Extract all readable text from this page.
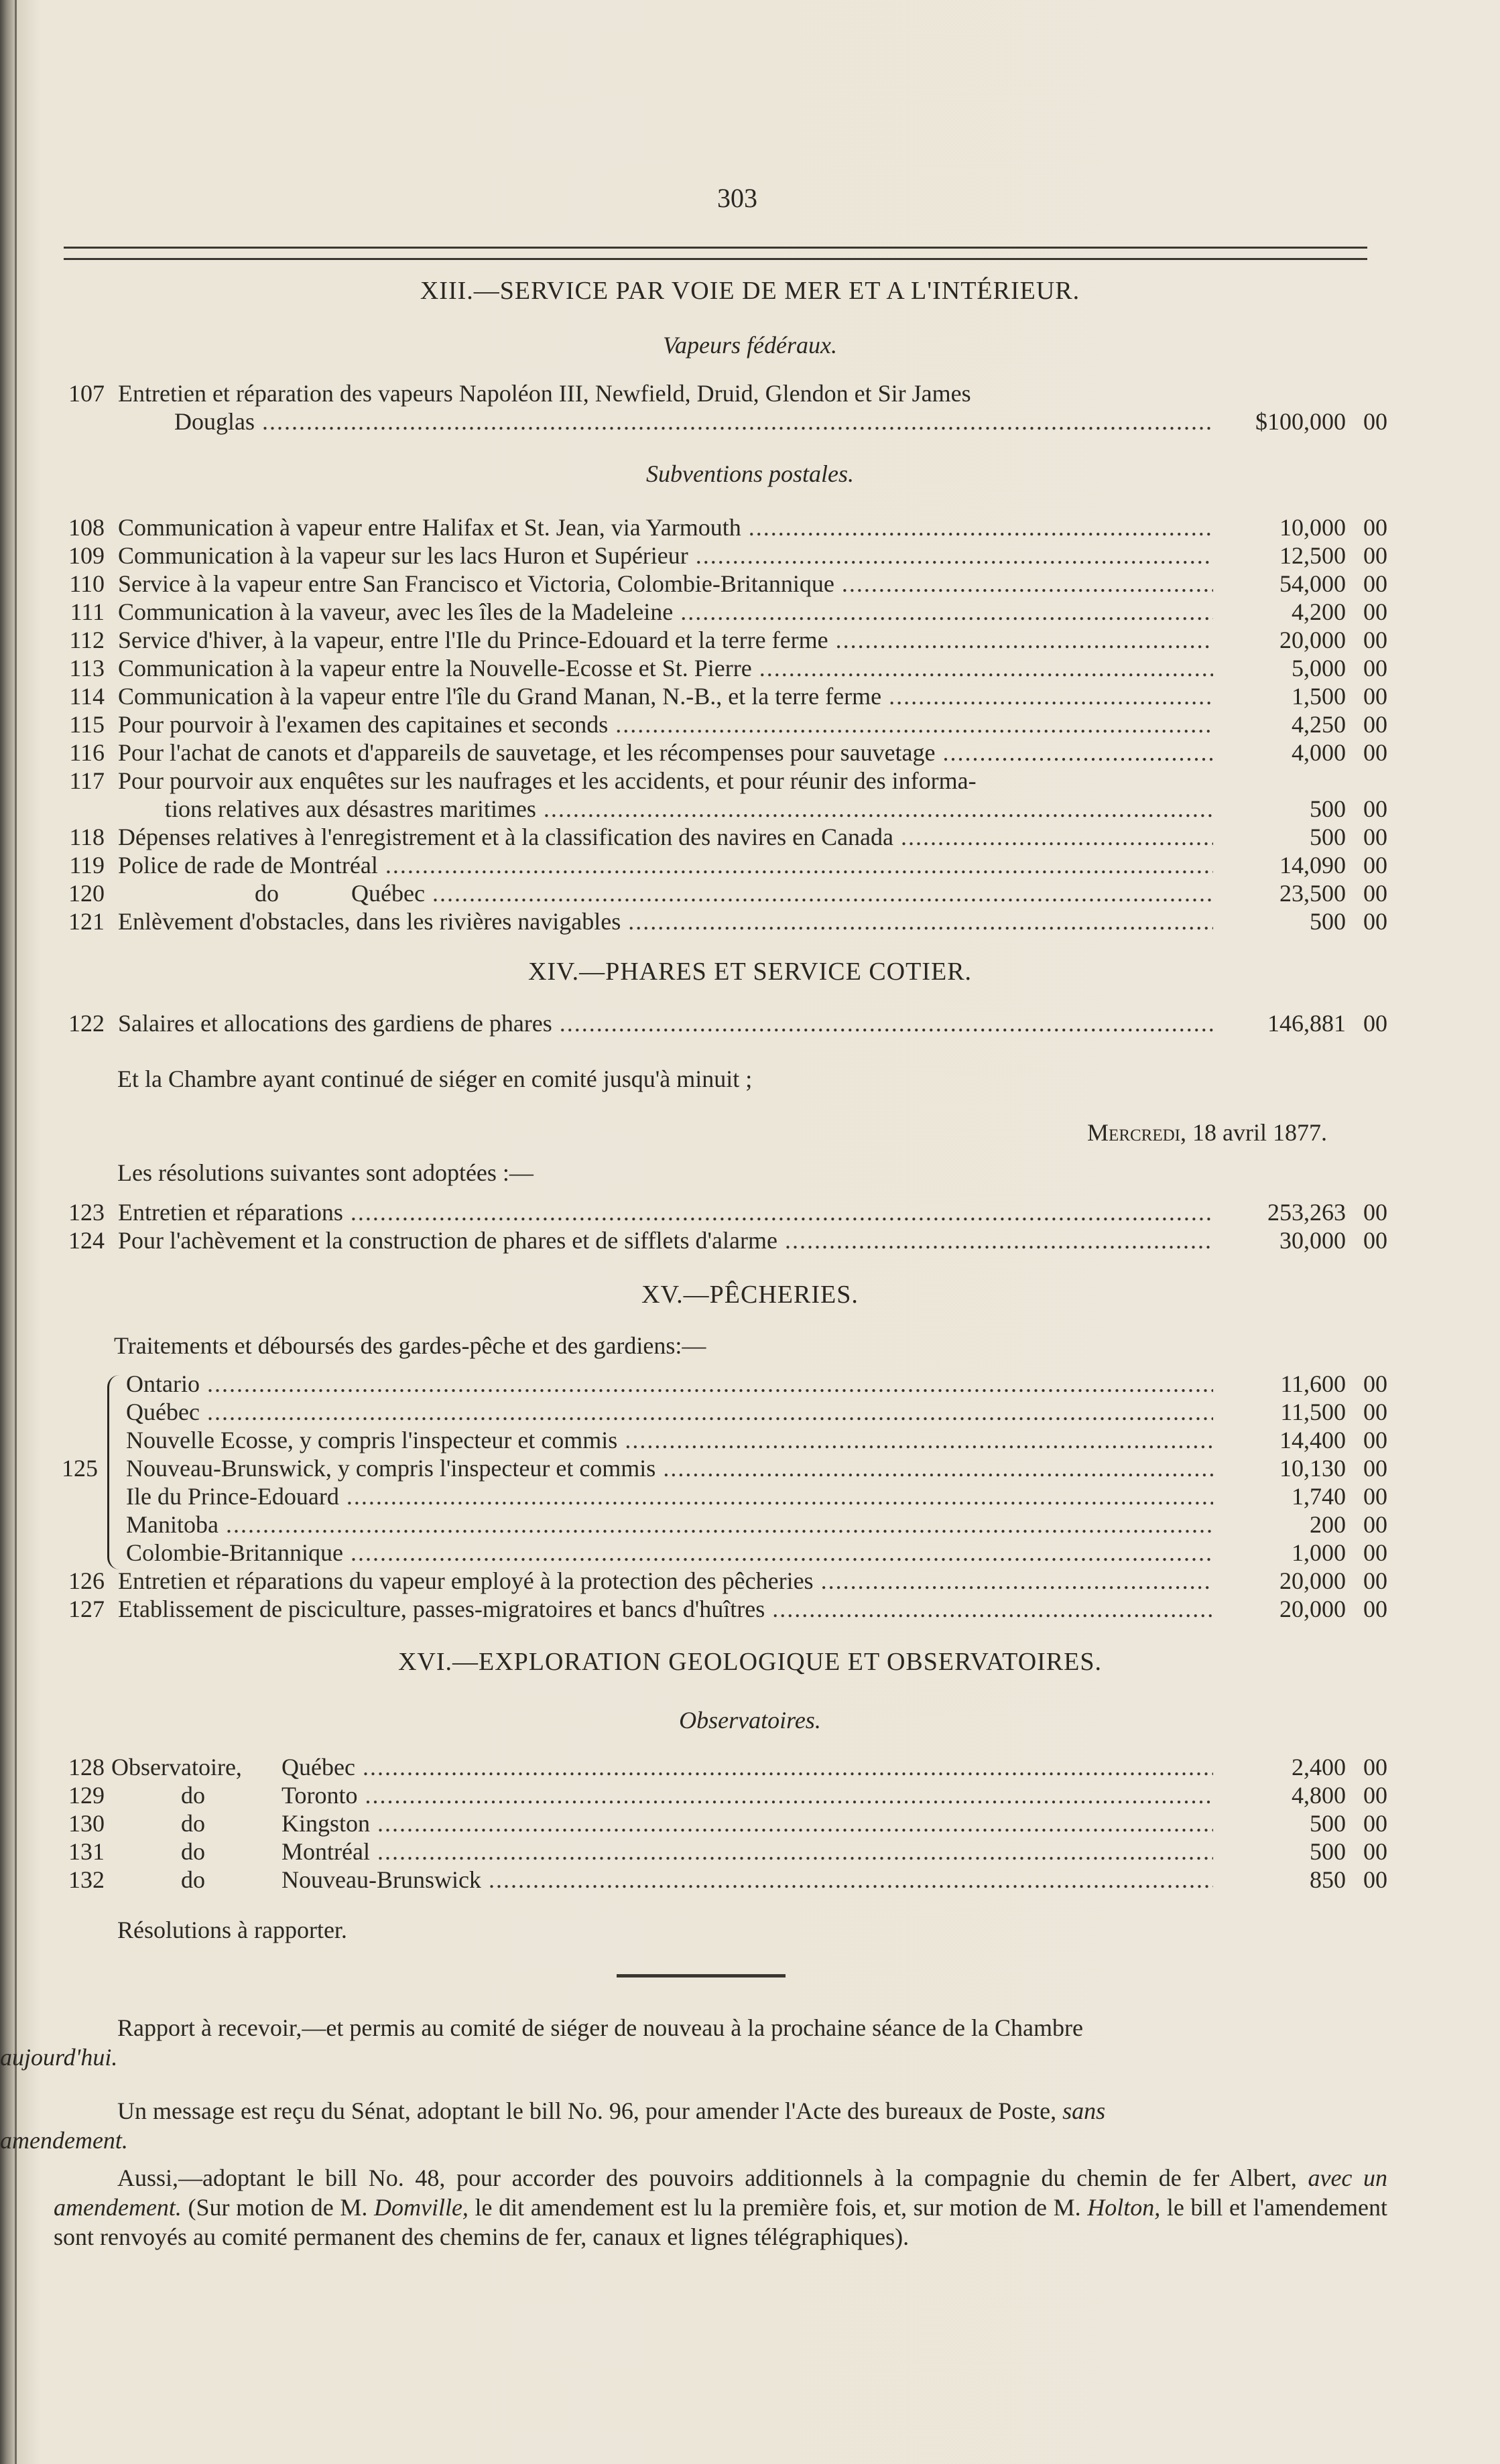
303
XIII.—SERVICE PAR VOIE DE MER ET A L'INTÉRIEUR.
Vapeurs fédéraux.
107 Entretien et réparation des vapeurs Napoléon III, Newfield, Druid, Glendon et Sir James
Douglas .....	$100,000 00
Subventions postales.
108 Communication à vapeur entre Halifax et St. Jean, via Yarmouth .....	10,000 00
109 Communication à la vapeur sur les lacs Huron et Supérieur .....	12,500 00
110 Service à la vapeur entre San Francisco et Victoria, Colombie-Britannique .....	54,000 00
111 Communication à la vaveur, avec les îles de la Madeleine .....	4,200 00
112 Service d'hiver, à la vapeur, entre l'Ile du Prince-Edouard et la terre ferme .....	20,000 00
113 Communication à la vapeur entre la Nouvelle-Ecosse et St. Pierre .....	5,000 00
114 Communication à la vapeur entre l'île du Grand Manan, N.-B., et la terre ferme .....	1,500 00
115 Pour pourvoir à l'examen des capitaines et seconds .....	4,250 00
116 Pour l'achat de canots et d'appareils de sauvetage, et les récompenses pour sauvetage .....	4,000 00
117 Pour pourvoir aux enquêtes sur les naufrages et les accidents, et pour réunir des informa-
tions relatives aux désastres maritimes .....	500 00
118 Dépenses relatives à l'enregistrement et à la classification des navires en Canada .....	500 00
119 Police de rade de Montréal .....	14,090 00
120	do            Québec .....	23,500 00
121 Enlèvement d'obstacles, dans les rivières navigables .....	500 00
XIV.—PHARES ET SERVICE COTIER.
122 Salaires et allocations des gardiens de phares .....	146,881 00
Et la Chambre ayant continué de siéger en comité jusqu'à minuit ;
Mercredi, 18 avril 1877.
Les résolutions suivantes sont adoptées :—
123 Entretien et réparations .....	253,263 00
124 Pour l'achèvement et la construction de phares et de sifflets d'alarme .....	30,000 00
XV.—PÊCHERIES.
Traitements et déboursés des gardes-pêche et des gardiens:—
Ontario .....	11,600 00
Québec .....	11,500 00
Nouvelle Ecosse, y compris l'inspecteur et commis .....	14,400 00
125 Nouveau-Brunswick, y compris l'inspecteur et commis .....	10,130 00
Ile du Prince-Edouard .....	1,740 00
Manitoba .....	200 00
Colombie-Britannique .....	1,000 00
126 Entretien et réparations du vapeur employé à la protection des pêcheries .....	20,000 00
127 Etablissement de pisciculture, passes-migratoires et bancs d'huîtres .....	20,000 00
XVI.—EXPLORATION GEOLOGIQUE ET OBSERVATOIRES.
Observatoires.
128 Observatoire,	Québec .....	2,400 00
129	do	Toronto .....	4,800 00
130	do	Kingston .....	500 00
131	do	Montréal .....	500 00
132	do	Nouveau-Brunswick .....	850 00
Résolutions à rapporter.
Rapport à recevoir,—et permis au comité de siéger de nouveau à la prochaine séance de la Chambre
aujourd'hui.
Un message est reçu du Sénat, adoptant le bill No. 96, pour amender l'Acte des bureaux de Poste, sans
amendement.
Aussi,—adoptant le bill No. 48, pour accorder des pouvoirs additionnels à la compagnie du chemin de fer Albert, avec un amendement. (Sur motion de M. Domville, le dit amendement est lu la première fois, et, sur motion de M. Holton, le bill et l'amendement sont renvoyés au comité permanent des chemins de fer, canaux et lignes télégraphiques).
